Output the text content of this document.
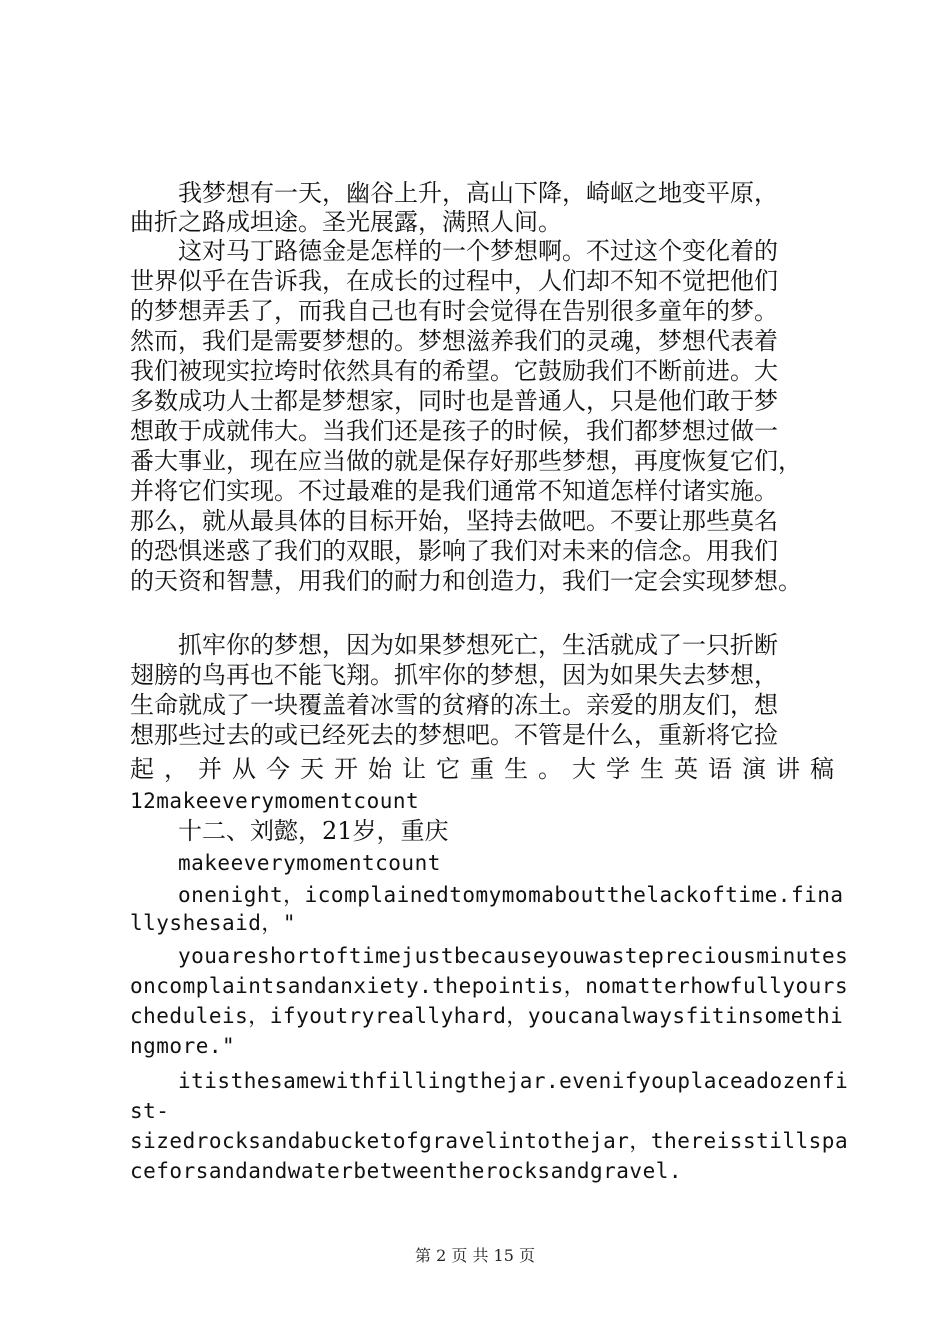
我梦想有一天，幽谷上升，高山下降，崎岖之地变平原，
曲折之路成坦途。圣光展露，满照人间。
这对马丁路德金是怎样的一个梦想啊。不过这个变化着的
世界似乎在告诉我，在成长的过程中，人们却不知不觉把他们
的梦想弄丢了，而我自己也有时会觉得在告别很多童年的梦。
然而，我们是需要梦想的。梦想滋养我们的灵魂，梦想代表着
我们被现实拉垮时依然具有的希望。它鼓励我们不断前进。大
多数成功人士都是梦想家，同时也是普通人，只是他们敢于梦
想敢于成就伟大。当我们还是孩子的时候，我们都梦想过做一
番大事业，现在应当做的就是保存好那些梦想，再度恢复它们，
并将它们实现。不过最难的是我们通常不知道怎样付诸实施。
那么，就从最具体的目标开始，坚持去做吧。不要让那些莫名
的恐惧迷惑了我们的双眼，影响了我们对未来的信念。用我们
的天资和智慧，用我们的耐力和创造力，我们一定会实现梦想。
抓牢你的梦想，因为如果梦想死亡，生活就成了一只折断
翅膀的鸟再也不能飞翔。抓牢你的梦想，因为如果失去梦想，
生命就成了一块覆盖着冰雪的贫瘠的冻土。亲爱的朋友们，想
想那些过去的或已经死去的梦想吧。不管是什么，重新将它捡
起，并从今天开始让它重生。大学生英语演讲稿
12makeeverymomentcount
十二、刘懿，21岁，重庆
makeeverymomentcount
onenight，icomplainedtomymomaboutthelackoftime.fina
llyshesaid，"
youareshortoftimejustbecauseyouwastepreciousminutes
oncomplaintsandanxiety.thepointis，nomatterhowfullyours
cheduleis，ifyoutryreallyhard，youcanalwaysfitinsomethi
ngmore."
itisthesamewithfillingthejar.evenifyouplaceadozenfi
st-
sizedrocksandabucketofgravelintothejar，thereisstillspa
ceforsandandwaterbetweentherocksandgravel.
第 2 页 共 15 页
